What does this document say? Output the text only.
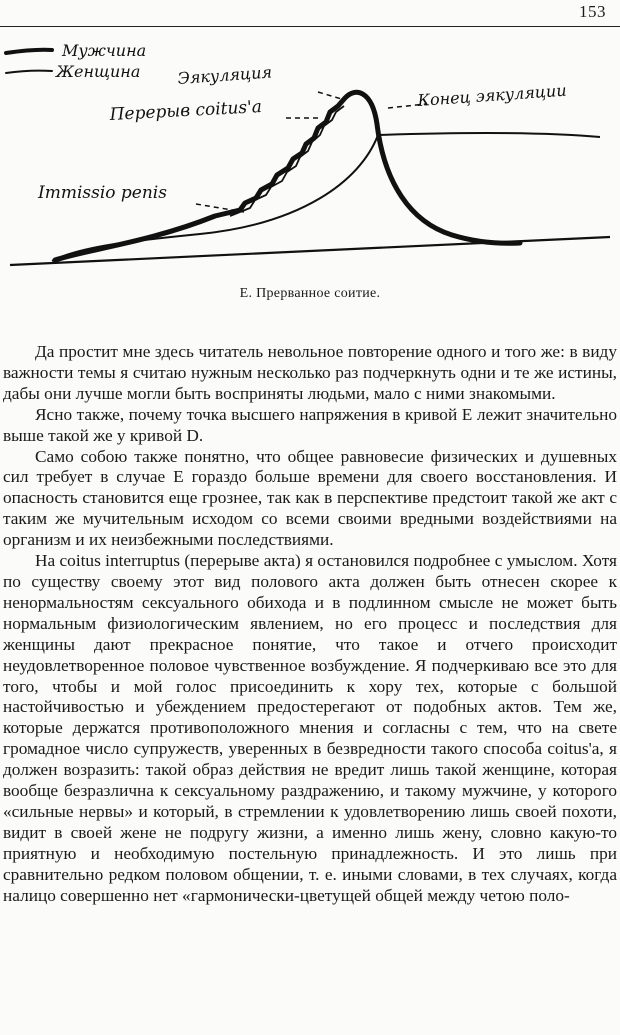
153
Мужчина
Женщина Эякуляция
Перерыв coitus'a
Конец эякуляции
Immissio penis
Е. Прерванное соитие.

Да простит мне здесь читатель невольное повторение одного и того же: в виду важности темы я считаю нужным несколько раз подчеркнуть одни и те же истины, дабы они лучше могли быть восприняты людьми, мало с ними знакомыми.

Ясно также, почему точка высшего напряжения в кривой Е лежит значительно выше такой же у кривой D.

Само собою также понятно, что общее равновесие физических и душевных сил требует в случае Е гораздо больше времени для своего восстановления. И опасность становится еще грознее, так как в перспективе предстоит такой же акт с таким же мучительным исходом со всеми своими вредными воздействиями на организм и их неизбежными последствиями.

На coitus interruptus (перерыве акта) я остановился подробнее с умыслом. Хотя по существу своему этот вид полового акта должен быть отнесен скорее к ненормальностям сексуального обихода и в подлинном смысле не может быть нормальным физиологическим явлением, но его процесс и последствия для женщины дают прекрасное понятие, что такое и отчего происходит неудовлетворенное половое чувственное возбуждение. Я подчеркиваю все это для того, чтобы и мой голос присоединить к хору тех, которые с большой настойчивостью и убеждением предостерегают от подобных актов. Тем же, которые держатся противоположного мнения и согласны с тем, что на свете громадное число супружеств, уверенных в безвредности такого способа coitus'а, я должен возразить: такой образ действия не вредит лишь такой женщине, которая вообще безразлична к сексуальному раздражению, и такому мужчине, у которого «сильные нервы» и который, в стремлении к удовлетворению лишь своей похоти, видит в своей жене не подругу жизни, а именно лишь жену, словно какую-то приятную и необходимую постельную принадлежность. И это лишь при сравнительно редком половом общении, т. е. иными словами, в тех случаях, когда налицо совершенно нет «гармонически-цветущей общей между четою поло-
